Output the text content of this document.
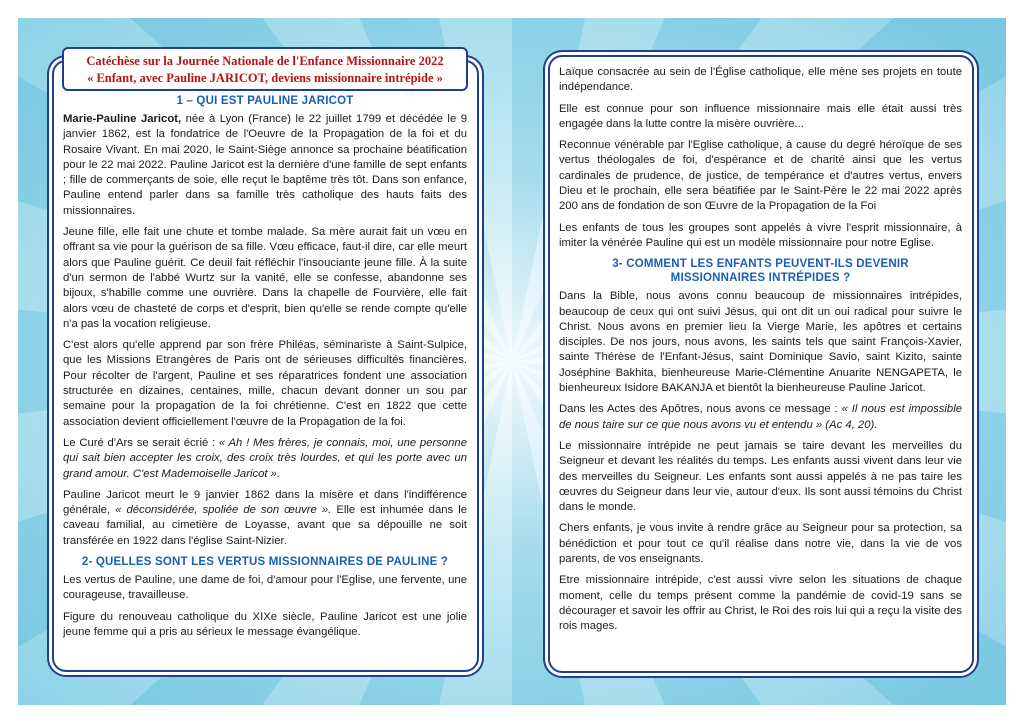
1 – QUI EST PAULINE JARICOT

Marie-Pauline Jaricot, née à Lyon (France) le 22 juillet 1799 et décédée le 9 janvier 1862, est la fondatrice de l'Oeuvre de la Propagation de la foi et du Rosaire Vivant. En mai 2020, le Saint-Siège annonce sa prochaine béatification pour le 22 mai 2022. Pauline Jaricot est la dernière d'une famille de sept enfants ; fille de commerçants de soie, elle reçut le baptême très tôt. Dans son enfance, Pauline entend parler dans sa famille très catholique des hauts faits des missionnaires.

Jeune fille, elle fait une chute et tombe malade. Sa mère aurait fait un vœu en offrant sa vie pour la guérison de sa fille. Vœu efficace, faut-il dire, car elle meurt alors que Pauline guérit. Ce deuil fait réfléchir l'insouciante jeune fille. À la suite d'un sermon de l'abbé Wurtz sur la vanité, elle se confesse, abandonne ses bijoux, s'habille comme une ouvrière. Dans la chapelle de Fourvière, elle fait alors vœu de chasteté de corps et d'esprit, bien qu'elle se rende compte qu'elle n'a pas la vocation religieuse.

C'est alors qu'elle apprend par son frère Philéas, séminariste à Saint-Sulpice, que les Missions Etrangères de Paris ont de sérieuses difficultés financières. Pour récolter de l'argent, Pauline et ses réparatrices fondent une association structurée en dizaines, centaines, mille, chacun devant donner un sou par semaine pour la propagation de la foi chrétienne. C'est en 1822 que cette association devient officiellement l'œuvre de la Propagation de la foi.

Le Curé d'Ars se serait écrié : « Ah ! Mes frères, je connais, moi, une personne qui sait bien accepter les croix, des croix très lourdes, et qui les porte avec un grand amour. C'est Mademoiselle Jaricot ».

Pauline Jaricot meurt le 9 janvier 1862 dans la misère et dans l'indifférence générale, « déconsidérée, spoliée de son œuvre ». Elle est inhumée dans le caveau familial, au cimetière de Loyasse, avant que sa dépouille ne soit transférée en 1922 dans l'église Saint-Nizier.

2- QUELLES SONT LES VERTUS MISSIONNAIRES DE PAULINE ?

Les vertus de Pauline, une dame de foi, d'amour pour l'Eglise, une fervente, une courageuse, travailleuse.

Figure du renouveau catholique du XIXe siècle, Pauline Jaricot est une jolie jeune femme qui a pris au sérieux le message évangélique.

Catéchèse sur la Journée Nationale de l'Enfance Missionnaire 2022
« Enfant, avec Pauline JARICOT, deviens missionnaire intrépide »	Laïque consacrée au sein de l'Église catholique, elle mène ses projets en toute indépendance.

Elle est connue pour son influence missionnaire mais elle était aussi très engagée dans la lutte contre la misère ouvrière...

Reconnue vénérable par l'Eglise catholique, à cause du degré héroïque de ses vertus théologales de foi, d'espérance et de charité ainsi que les vertus cardinales de prudence, de justice, de tempérance et d'autres vertus, envers Dieu et le prochain, elle sera béatifiée par le Saint-Père le 22 mai 2022 après 200 ans de fondation de son Œuvre de la Propagation de la Foi

Les enfants de tous les groupes sont appelés à vivre l'esprit missionnaire, à imiter la vénérée Pauline qui est un modèle missionnaire pour notre Eglise.

3- COMMENT LES ENFANTS PEUVENT-ILS DEVENIR
MISSIONNAIRES INTRÉPIDES ?

Dans la Bible, nous avons connu beaucoup de missionnaires intrépides, beaucoup de ceux qui ont suivi Jésus, qui ont dit un oui radical pour suivre le Christ. Nous avons en premier lieu la Vierge Marie, les apôtres et certains disciples. De nos jours, nous avons, les saints tels que saint François-Xavier, sainte Thérèse de l'Enfant-Jésus, saint Dominique Savio, saint Kizito, sainte Joséphine Bakhita, bienheureuse Marie-Clémentine Anuarite NENGAPETA, le bienheureux Isidore BAKANJA et bientôt la bienheureuse Pauline Jaricot.

Dans les Actes des Apôtres, nous avons ce message : « Il nous est impossible de nous taire sur ce que nous avons vu et entendu » (Ac 4, 20).

Le missionnaire intrépide ne peut jamais se taire devant les merveilles du Seigneur et devant les réalités du temps. Les enfants aussi vivent dans leur vie des merveilles du Seigneur. Les enfants sont aussi appelés à ne pas taire les œuvres du Seigneur dans leur vie, autour d'eux. Ils sont aussi témoins du Christ dans le monde.

Chers enfants, je vous invite à rendre grâce au Seigneur pour sa protection, sa bénédiction et pour tout ce qu'il réalise dans notre vie, dans la vie de vos parents, de vos enseignants.

Etre missionnaire intrépide, c'est aussi vivre selon les situations de chaque moment, celle du temps présent comme la pandémie de covid-19 sans se décourager et savoir les offrir au Christ, le Roi des rois lui qui a reçu la visite des rois mages.
